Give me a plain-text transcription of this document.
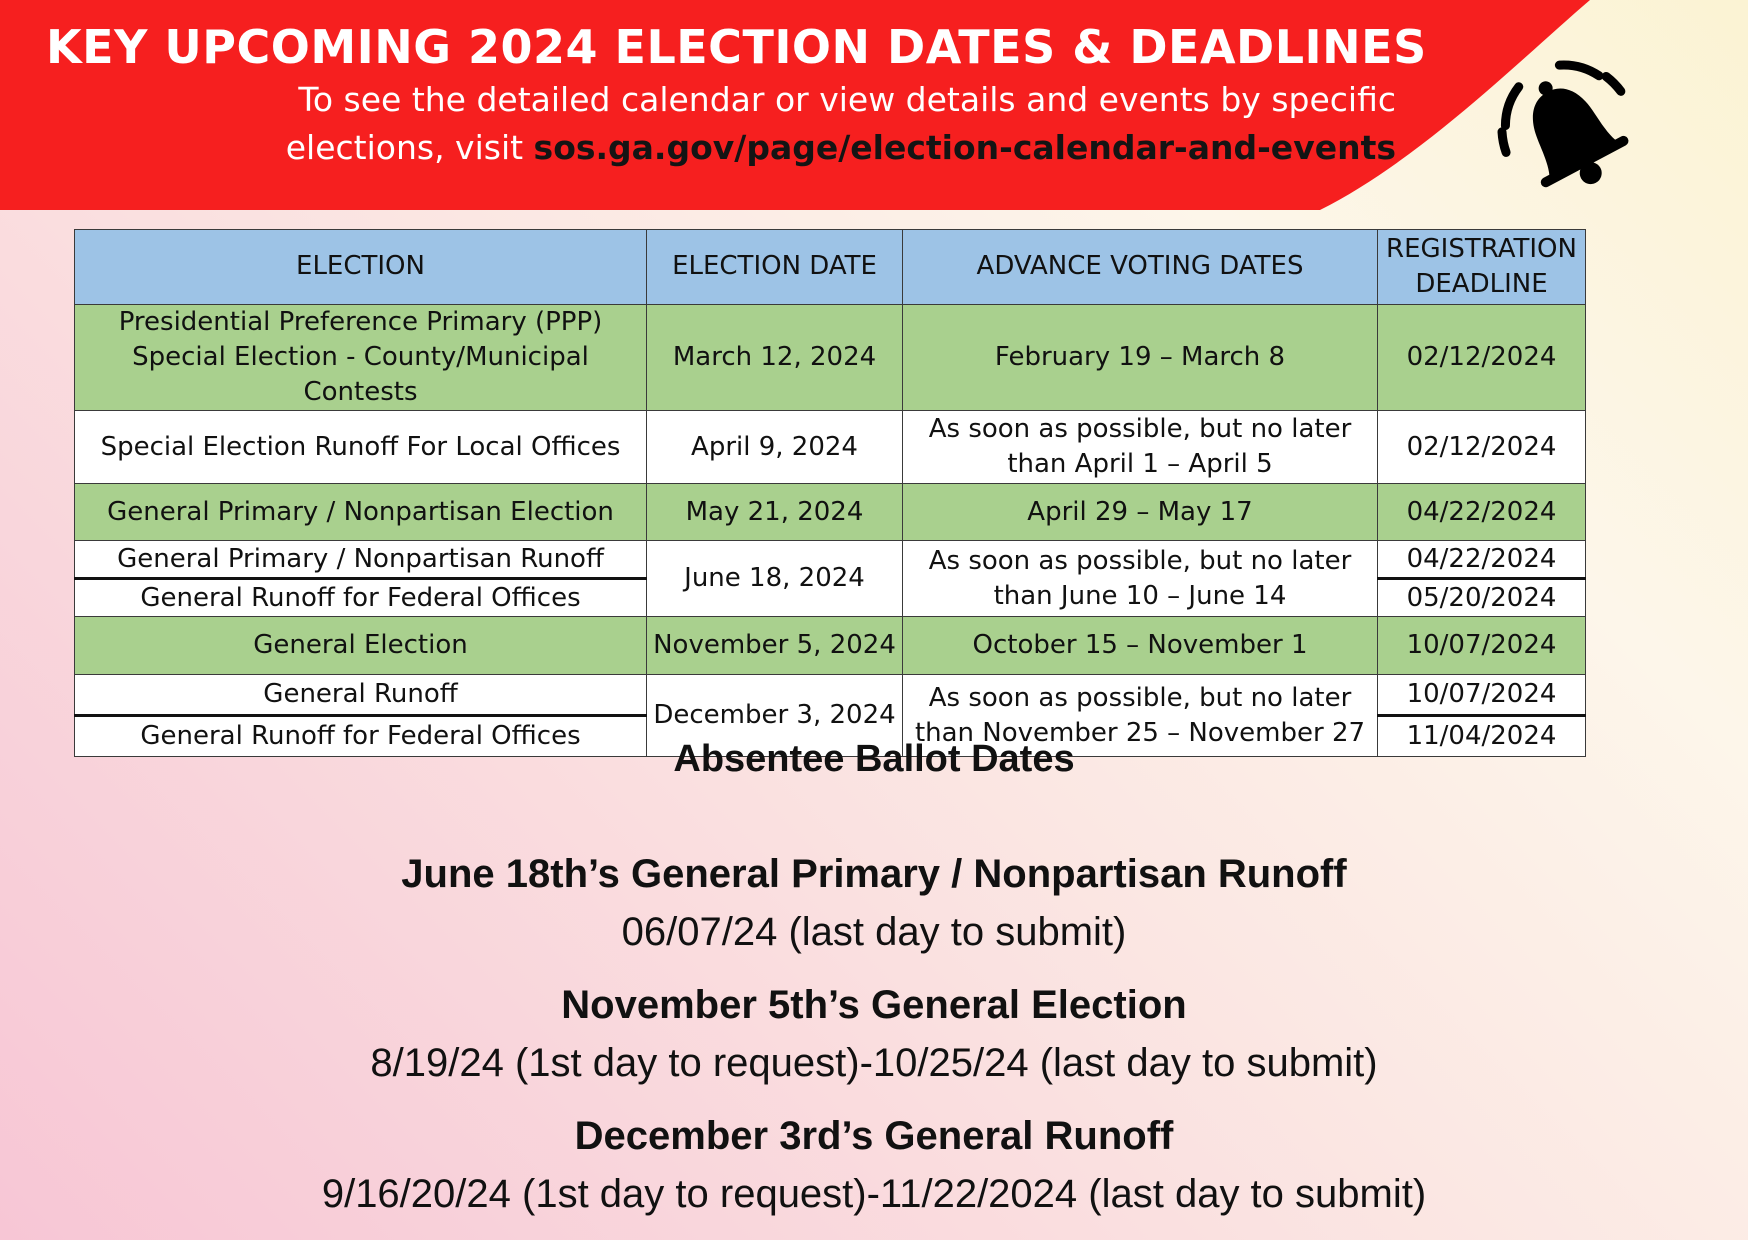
KEY UPCOMING 2024 ELECTION DATES & DEADLINES
To see the detailed calendar or view details and events by specific
elections, visit sos.ga.gov/page/election-calendar-and-events
ELECTION	ELECTION DATE	ADVANCE VOTING DATES	REGISTRATION
DEADLINE
Presidential Preference Primary (PPP)
Special Election - County/Municipal Contests	March 12, 2024	February 19 – March 8	02/12/2024
Special Election Runoff For Local Offices	April 9, 2024	As soon as possible, but no later
than April 1 – April 5	02/12/2024
General Primary / Nonpartisan Election	May 21, 2024	April 29 – May 17	04/22/2024
General Primary / Nonpartisan Runoff	June 18, 2024	As soon as possible, but no later
than June 10 – June 14	04/22/2024
General Runoff for Federal Offices			05/20/2024
General Election	November 5, 2024	October 15 – November 1	10/07/2024
General Runoff	December 3, 2024	As soon as possible, but no later
than November 25 – November 27	10/07/2024
General Runoff for Federal Offices			11/04/2024
Absentee Ballot Dates
June 18th’s General Primary / Nonpartisan Runoff
06/07/24 (last day to submit)
November 5th’s General Election
8/19/24 (1st day to request)-10/25/24 (last day to submit)
December 3rd’s General Runoff
9/16/20/24 (1st day to request)-11/22/2024 (last day to submit)
